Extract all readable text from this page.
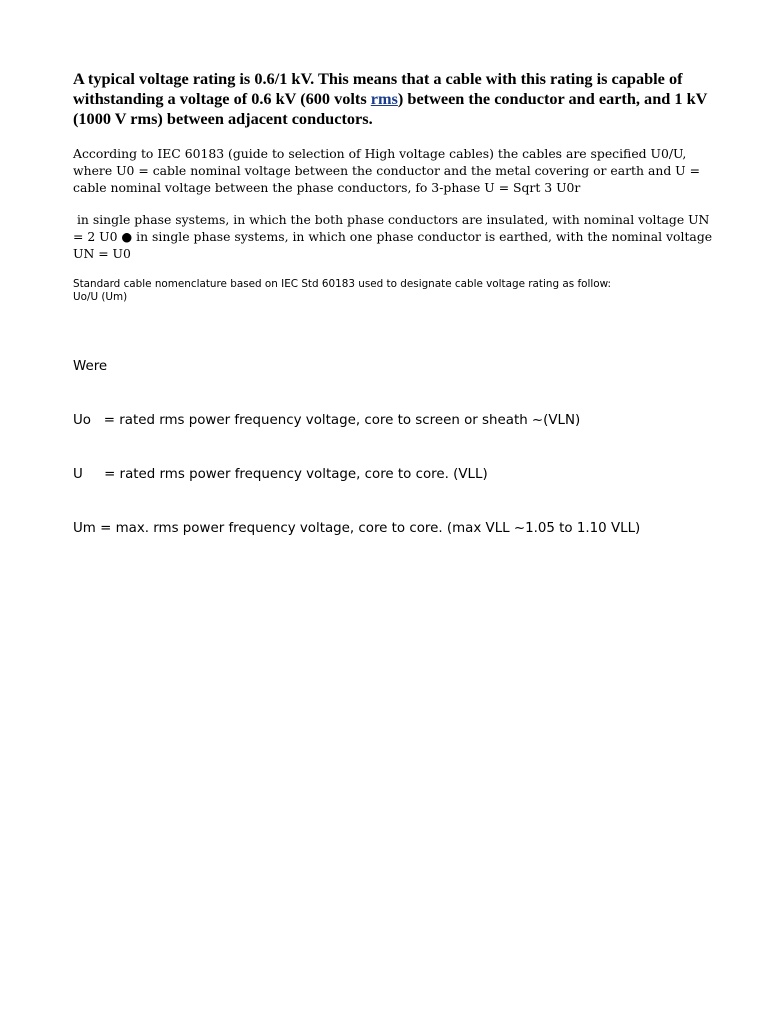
A typical voltage rating is 0.6/1 kV. This means that a cable with this rating is capable of withstanding a voltage of 0.6 kV (600 volts rms) between the conductor and earth, and 1 kV (1000 V rms) between adjacent conductors.

According to IEC 60183 (guide to selection of High voltage cables) the cables are specified U0/U, where U0 = cable nominal voltage between the conductor and the metal covering or earth and U = cable nominal voltage between the phase conductors, fo 3-phase U = Sqrt 3 U0r

in single phase systems, in which the both phase conductors are insulated, with nominal voltage UN = 2 U0 ● in single phase systems, in which one phase conductor is earthed, with the nominal voltage UN = U0

Standard cable nomenclature based on IEC Std 60183 used to designate cable voltage rating as follow:
Uo/U (Um)

Were

Uo   = rated rms power frequency voltage, core to screen or sheath ~(VLN)

U     = rated rms power frequency voltage, core to core. (VLL)

Um = max. rms power frequency voltage, core to core. (max VLL ~1.05 to 1.10 VLL)
